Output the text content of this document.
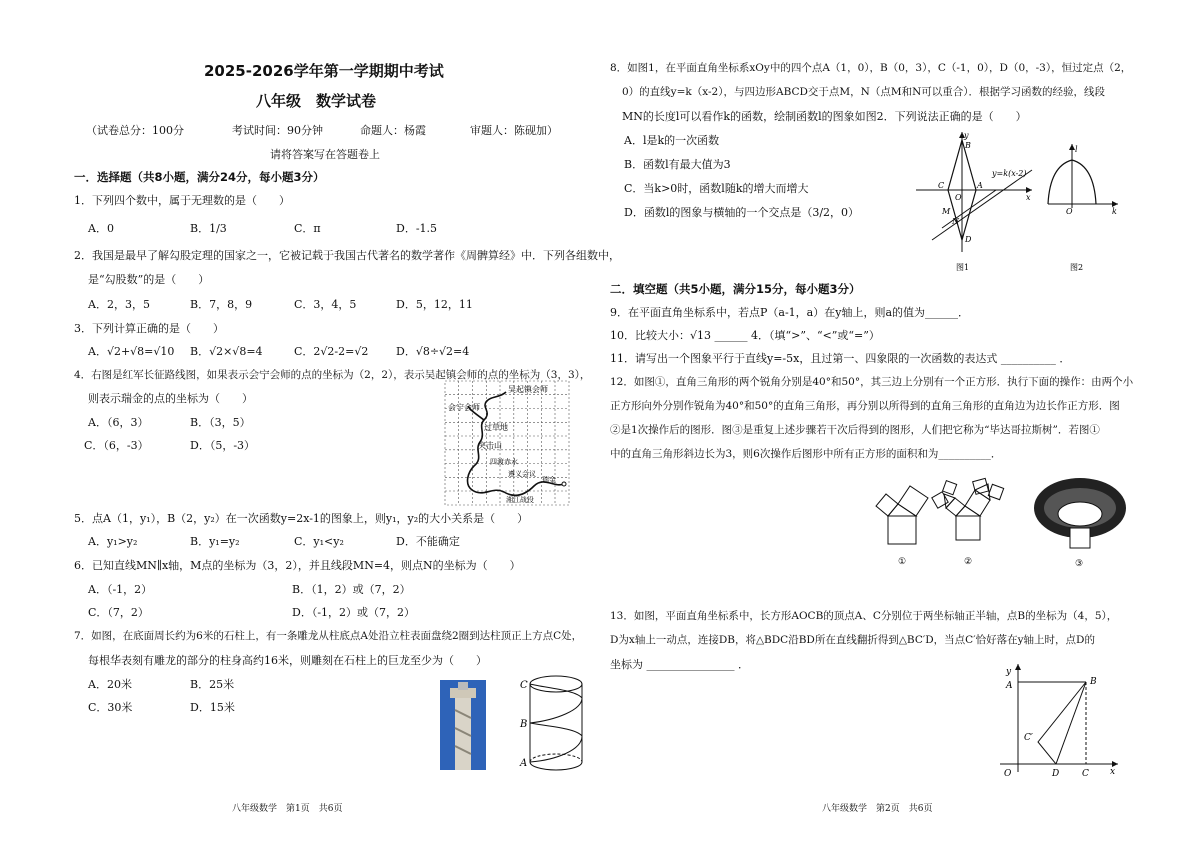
2025-2026学年第一学期期中考试
八年级　数学试卷
（试卷总分：100分	考试时间：90分钟	命题人：杨霞	审题人：陈砚加）
请将答案写在答题卷上
一．选择题（共8小题，满分24分，每小题3分）
1．下列四个数中，属于无理数的是（　　）
A．0	B．1/3	C．π	D．-1.5
2．我国是最早了解勾股定理的国家之一，它被记载于我国古代著名的数学著作《周髀算经》中．下列各组数中，
是“勾股数”的是（　　）
A．2，3，5	B．7，8，9	C．3，4，5	D．5，12，11
3．下列计算正确的是（　　）
A．√2+√8=√10 B．√2×√8=4	C．2√2-2=√2	D．√8÷√2=4
4．右图是红军长征路线图，如果表示会宁会师的点的坐标为（2，2），表示吴起镇会师的点的坐标为（3，3），
则表示瑞金的点的坐标为（　　）
A．（6，3）	B．（3，5）
C．（6，-3）	D．（5，-3）
吴起镇会师
会宁会师
过草地
突击山
四渡赤水
遵义会议
瑞金
湘江战役
5．点A（1，y₁），B（2，y₂）在一次函数y=2x-1的图象上，则y₁，y₂的大小关系是（　　）
A．y₁>y₂	B．y₁=y₂	C．y₁<y₂	D．不能确定
6．已知直线MN∥x轴，M点的坐标为（3，2），并且线段MN=4，则点N的坐标为（　　）
A．（-1，2）	B．（1，2）或（7，2）
C．（7，2）	D．（-1，2）或（7，2）
7．如图，在底面周长约为6米的石柱上，有一条雕龙从柱底点A处沿立柱表面盘绕2圈到达柱顶正上方点C处，
每根华表刻有雕龙的部分的柱身高约16米，则雕刻在石柱上的巨龙至少为（　　）
A．20米	B．25米
C．30米	D．15米
C
B
A
八年级数学　第1页　共6页
8．如图1，在平面直角坐标系xOy中的四个点A（1，0），B（0，3），C（-1，0），D（0，-3），恒过定点（2，
0）的直线y=k（x-2），与四边形ABCD交于点M，N（点M和N可以重合）．根据学习函数的经验，线段
MN的长度l可以看作k的函数，绘制函数l的图象如图2．下列说法正确的是（　　）
A．l是k的一次函数
B．函数l有最大值为3
C．当k>0时，函数l随k的增大而增大
D．函数l的图象与横轴的一个交点是（3/2，0）
y
B
C
O
A
x
M
N
D
y=k(x-2)
图1
l
O	k
图2
二．填空题（共5小题，满分15分，每小题3分）
9．在平面直角坐标系中，若点P（a-1，a）在y轴上，则a的值为______．
10．比较大小：√13 ______ 4．（填“>”、“<”或“=”）
11．请写出一个图象平行于直线y=-5x，且过第一、四象限的一次函数的表达式 __________ ．
12．如图①，直角三角形的两个锐角分别是40°和50°，其三边上分别有一个正方形．执行下面的操作：由两个小
正方形向外分别作锐角为40°和50°的直角三角形，再分别以所得到的直角三角形的直角边为边长作正方形．图
②是1次操作后的图形．图③是重复上述步骤若干次后得到的图形，人们把它称为“毕达哥拉斯树”．若图①
中的直角三角形斜边长为3，则6次操作后图形中所有正方形的面积和为__________．
①	②	③
13．如图，平面直角坐标系中，长方形AOCB的顶点A、C分别位于两坐标轴正半轴，点B的坐标为（4，5），
D为x轴上一动点，连接DB，将△BDC沿BD所在直线翻折得到△BC′D，当点C′恰好落在y轴上时，点D的
坐标为 ________________ ．
y
A	B
C′
O	D	C x
八年级数学　第2页　共6页
